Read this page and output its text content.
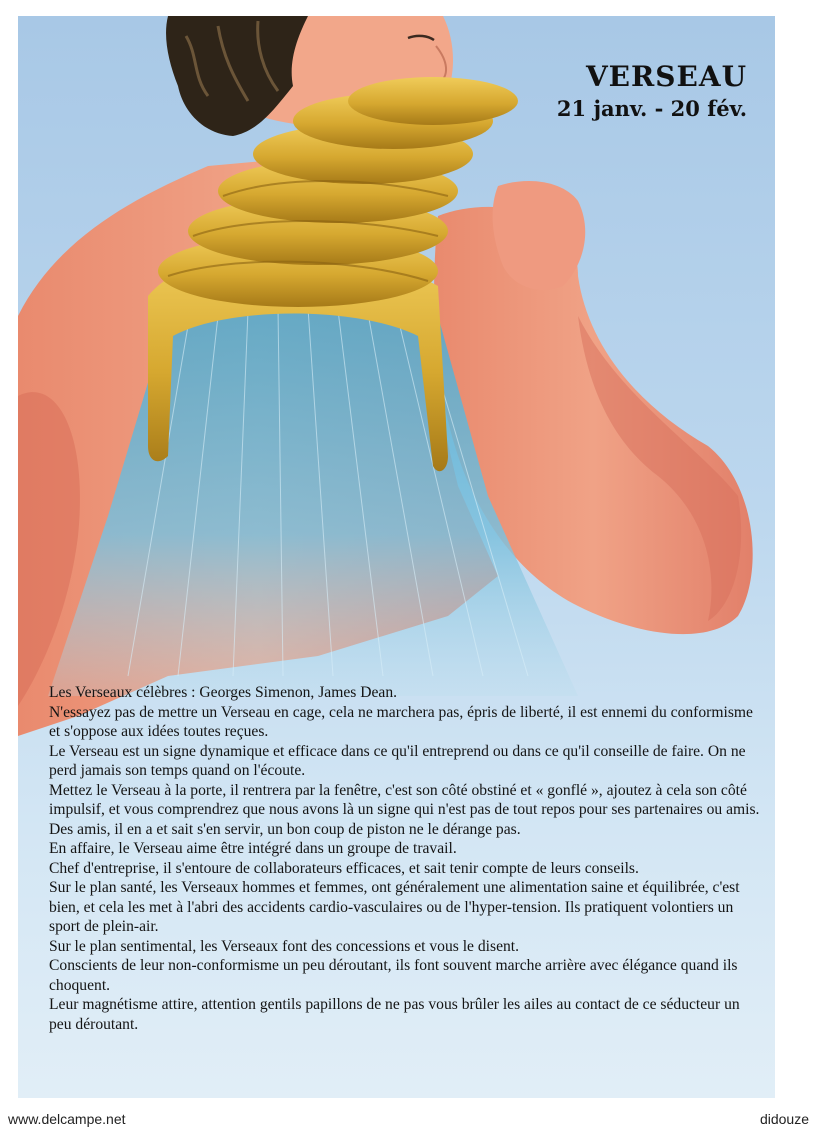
VERSEAU
21 janv. - 20 fév.

Les Verseaux célèbres : Georges Simenon, James Dean.

N'essayez pas de mettre un Verseau en cage, cela ne marchera pas, épris de liberté, il est ennemi du conformisme et s'oppose aux idées toutes reçues.

Le Verseau est un signe dynamique et efficace dans ce qu'il entreprend ou dans ce qu'il conseille de faire. On ne perd jamais son temps quand on l'écoute.

Mettez le Verseau à la porte, il rentrera par la fenêtre, c'est son côté obstiné et « gonflé », ajoutez à cela son côté impulsif, et vous comprendrez que nous avons là un signe qui n'est pas de tout repos pour ses partenaires ou amis. Des amis, il en a et sait s'en servir, un bon coup de piston ne le dérange pas.

En affaire, le Verseau aime être intégré dans un groupe de travail.

Chef d'entreprise, il s'entoure de collaborateurs efficaces, et sait tenir compte de leurs conseils.

Sur le plan santé, les Verseaux hommes et femmes, ont généralement une alimentation saine et équilibrée, c'est bien, et cela les met à l'abri des accidents cardio-vasculaires ou de l'hyper-tension. Ils pratiquent volontiers un sport de plein-air.

Sur le plan sentimental, les Verseaux font des concessions et vous le disent.

Conscients de leur non-conformisme un peu déroutant, ils font souvent marche arrière avec élégance quand ils choquent.

Leur magnétisme attire, attention gentils papillons de ne pas vous brûler les ailes au contact de ce séducteur un peu déroutant.

www.delcampe.net	didouze
